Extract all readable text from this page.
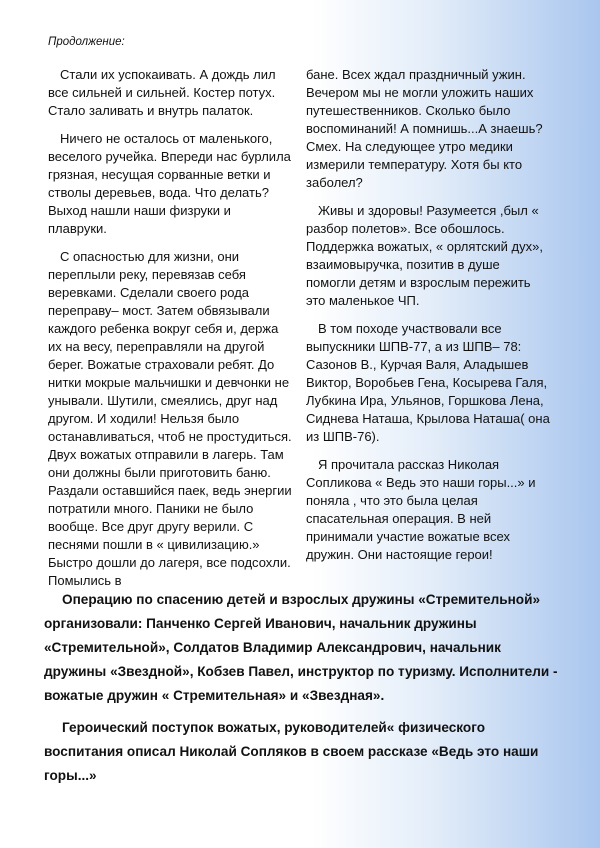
Продолжение:

Стали их успокаивать. А дождь лил все сильней и сильней. Костер потух. Стало заливать и внутрь палаток.

Ничего не осталось от маленького, веселого ручейка. Впереди нас бурлила грязная, несущая сорванные ветки и стволы деревьев, вода. Что делать? Выход нашли наши физруки и плавруки.

С опасностью для жизни, они переплыли реку, перевязав себя веревками. Сделали своего рода переправу– мост. Затем обвязывали каждого ребенка вокруг себя и, держа их на весу, переправляли на другой берег. Вожатые страховали ребят. До нитки мокрые мальчишки и девчонки не унывали. Шутили, смеялись, друг над другом. И ходили! Нельзя было останавливаться, чтоб не простудиться. Двух вожатых отправили в лагерь. Там они должны были приготовить баню. Раздали оставшийся паек, ведь энергии потратили много. Паники не было вообще. Все друг другу верили. С песнями пошли в « цивилизацию.» Быстро дошли до лагеря, все подсохли. Помылись в

бане. Всех ждал праздничный ужин. Вечером мы не могли уложить наших путешественников. Сколько было воспоминаний! А помнишь...А знаешь? Смех. На следующее утро медики измерили температуру. Хотя бы кто заболел?

Живы и здоровы! Разумеется ,был « разбор полетов». Все обошлось. Поддержка вожатых, « орлятский дух», взаимовыручка, позитив в душе помогли детям и взрослым пережить это маленькое ЧП.

В том походе участвовали все выпускники ШПВ-77, а из ШПВ– 78: Сазонов В., Курчая Валя, Аладышев Виктор, Воробьев Гена, Косырева Галя, Лубкина Ира, Ульянов, Горшкова Лена, Сиднева Наташа, Крылова Наташа( она из ШПВ-76).

Я прочитала рассказ Николая Сопликова « Ведь это наши горы...» и поняла , что это была целая спасательная операция. В ней принимали участие вожатые всех дружин. Они настоящие герои!

Операцию по спасению детей и взрослых дружины «Стремительной» организовали: Панченко Сергей Иванович, начальник дружины «Стремительной», Солдатов Владимир Александрович, начальник дружины «Звездной», Кобзев Павел, инструктор по туризму. Исполнители - вожатые дружин « Стремительная» и «Звездная».

Героический поступок вожатых, руководителей« физического воспитания описал Николай Сопляков в своем рассказе «Ведь это наши горы...»
